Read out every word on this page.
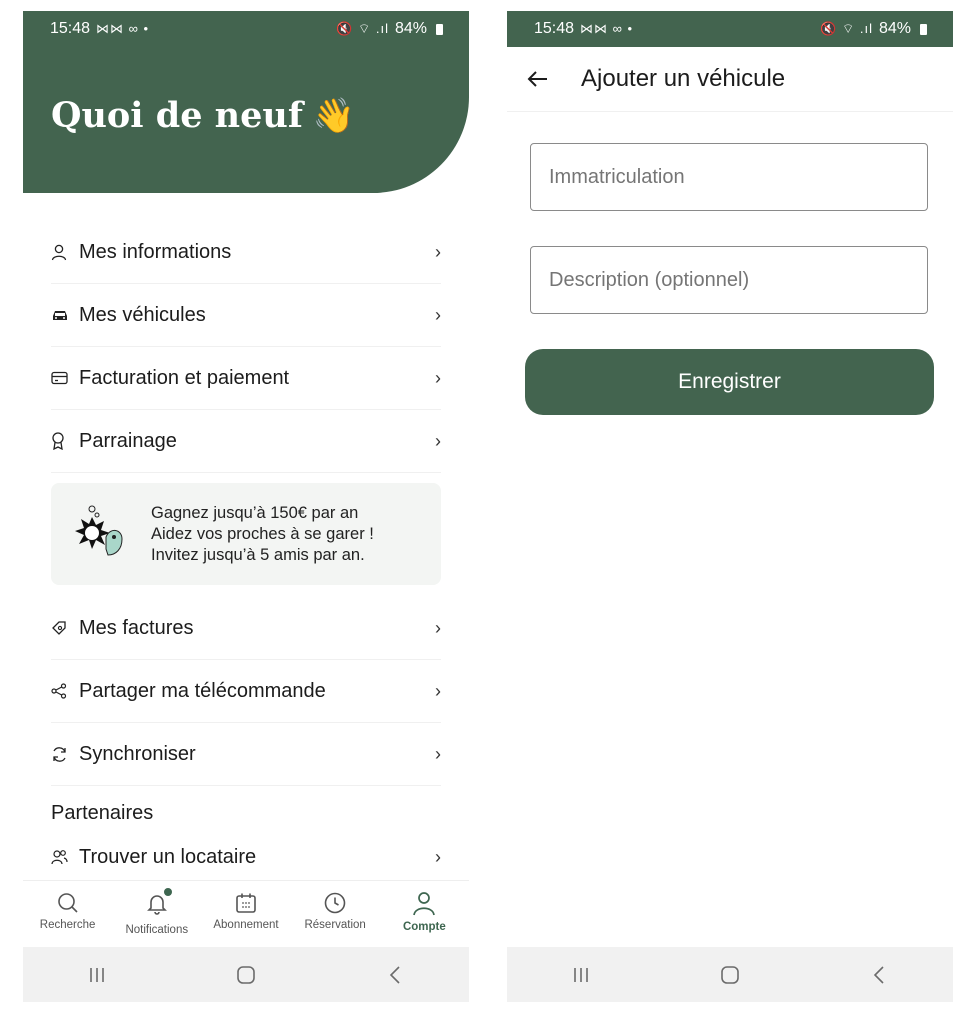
15:48 ⋈⋈ ∞ •	🔇 ⌔ .ıl 84%
Quoi de neuf 👋
Mes informations	›
Mes véhicules	›
Facturation et paiement	›
Parrainage	›
Gagnez jusqu’à 150€ par an
Aidez vos proches à se garer !
Invitez jusqu’à 5 amis par an.
Mes factures	›
Partager ma télécommande	›
Synchroniser	›
Partenaires
Trouver un locataire	›
Recherche	Notifications Abonnement Réservation	Compte
15:48 ⋈⋈ ∞ •	🔇 ⌔ .ıl 84%
Ajouter un véhicule
Immatriculation
Description (optionnel)
Enregistrer
